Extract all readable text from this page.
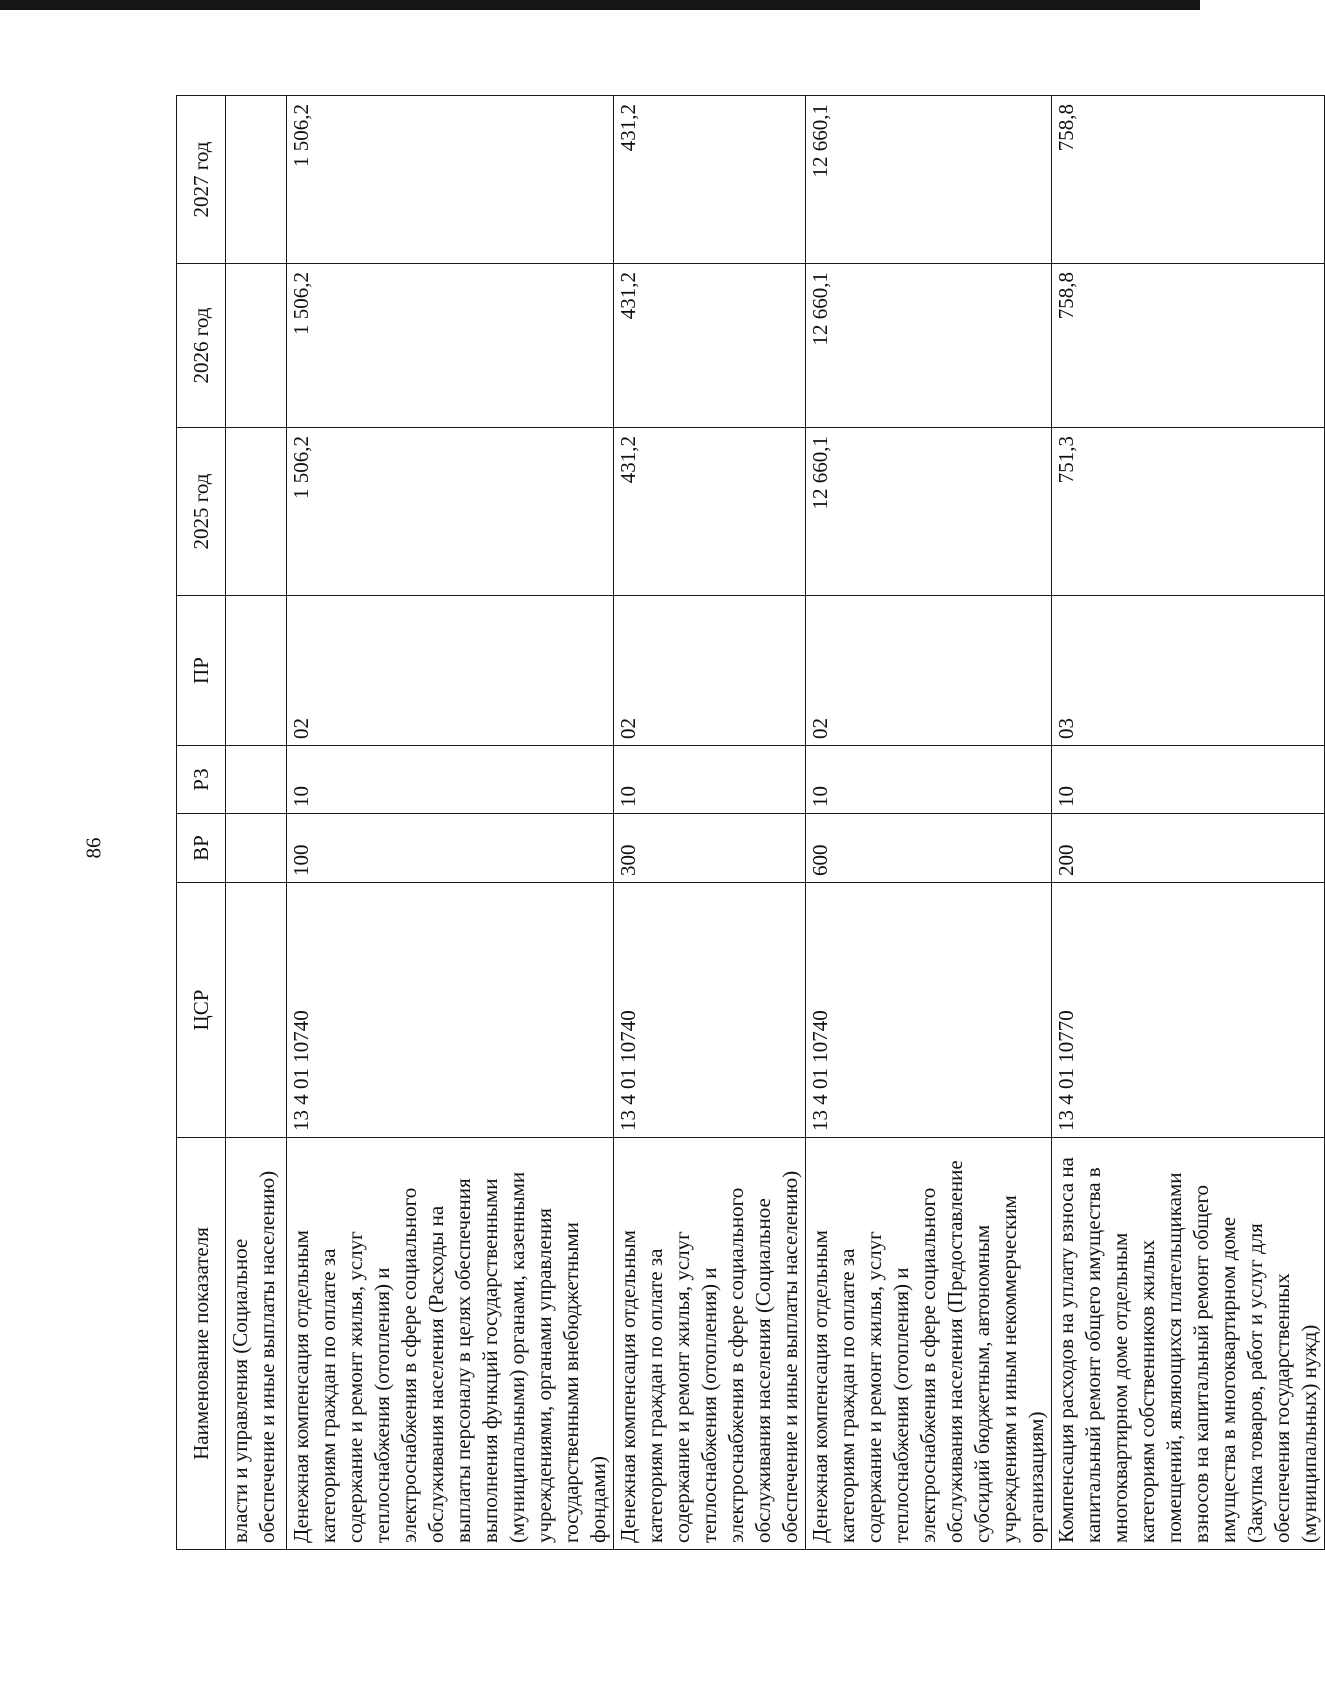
86
Наименование показателя	ЦСР	ВР	РЗ	ПР	2025 год	2026 год	2027 год
власти и управления (Социальное обеспечение и иные выплаты населению)							
Денежная компенсация отдельным категориям граждан по оплате за содержание и ремонт жилья, услуг теплоснабжения (отопления) и электроснабжения в сфере социального обслуживания населения (Расходы на выплаты персоналу в целях обеспечения выполнения функций государственными (муниципальными) органами, казенными учреждениями, органами управления государственными внебюджетными фондами)	13 4 01 10740	100	10	02	1 506,2	1 506,2	1 506,2
Денежная компенсация отдельным категориям граждан по оплате за содержание и ремонт жилья, услуг теплоснабжения (отопления) и электроснабжения в сфере социального обслуживания населения (Социальное обеспечение и иные выплаты населению)	13 4 01 10740	300	10	02	431,2	431,2	431,2
Денежная компенсация отдельным категориям граждан по оплате за содержание и ремонт жилья, услуг теплоснабжения (отопления) и электроснабжения в сфере социального обслуживания населения (Предоставление субсидий бюджетным, автономным учреждениям и иным некоммерческим организациям)	13 4 01 10740	600	10	02	12 660,1	12 660,1	12 660,1
Компенсация расходов на уплату взноса на капитальный ремонт общего имущества в многоквартирном доме отдельным категориям собственников жилых помещений, являющихся плательщиками взносов на капитальный ремонт общего имущества в многоквартирном доме (Закупка товаров, работ и услуг для обеспечения государственных (муниципальных) нужд)	13 4 01 10770	200	10	03	751,3	758,8	758,8
